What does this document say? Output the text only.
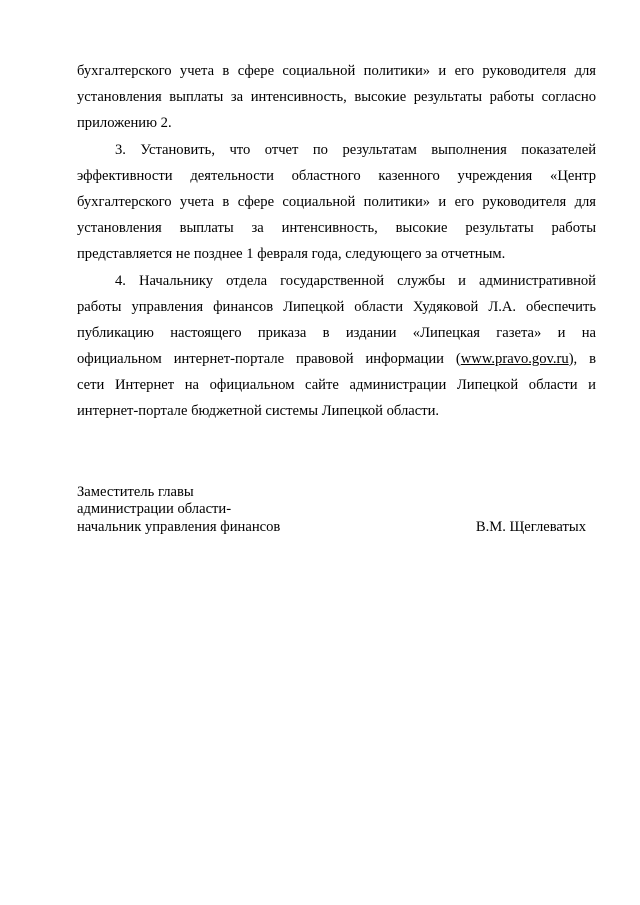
бухгалтерского учета в сфере социальной политики» и его руководителя для
установления выплаты за интенсивность, высокие результаты работы согласно
приложению 2.

3. Установить, что отчет по результатам выполнения показателей
эффективности деятельности областного казенного учреждения «Центр
бухгалтерского учета в сфере социальной политики» и его руководителя для
установления выплаты за интенсивность, высокие результаты работы
представляется не позднее 1 февраля года, следующего за отчетным.

4. Начальнику отдела государственной службы и административной
работы управления финансов Липецкой области Худяковой Л.А. обеспечить
публикацию настоящего приказа в издании «Липецкая газета» и на
официальном интернет-портале правовой информации (www.pravo.gov.ru), в
сети Интернет на официальном сайте администрации Липецкой области и
интернет-портале бюджетной системы Липецкой области.

Заместитель главы
администрации области-
начальник управления финансов	В.М. Щеглеватых
